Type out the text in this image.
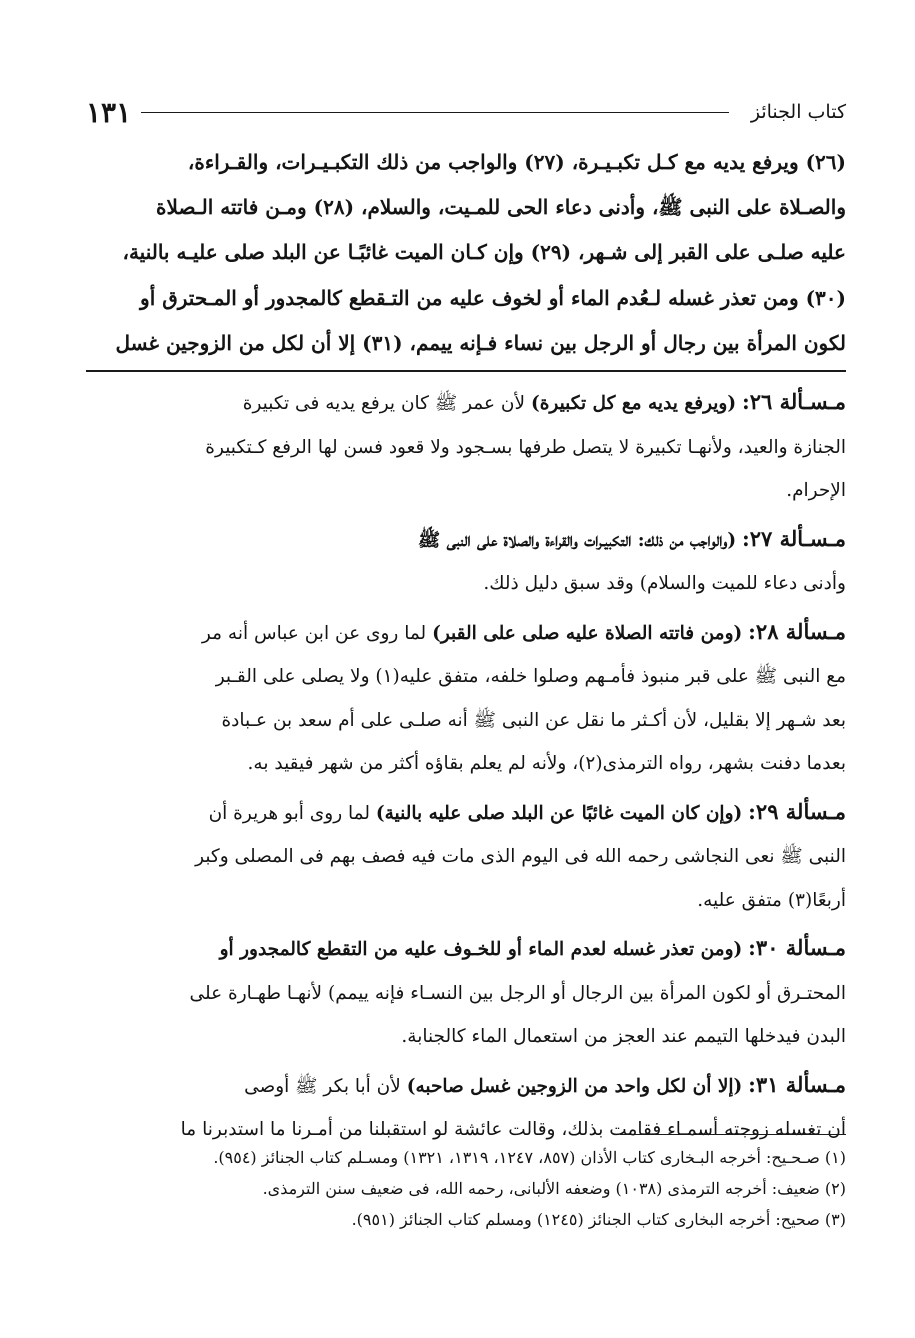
كتاب الجنائز
١٣١
(٢٦) ويرفع يديه مع كـل تكبـيـرة، (٢٧) والواجب من ذلك التكبـيـرات، والقـراءة،
والصـلاة على النبى ﷺ، وأدنى دعاء الحى للمـيت، والسلام، (٢٨) ومـن فاتته الـصلاة
عليه صلـى على القبر إلى شـهر، (٢٩) وإن كـان الميت غائبًـا عن البلد صلى عليـه بالنية،
(٣٠) ومن تعذر غسله لـعُدم الماء أو لخوف عليه من التـقطع كالمجدور أو المـحترق أو
لكون المرأة بين رجال أو الرجل بين نساء فـإنه ييمم، (٣١) إلا أن لكل من الزوجين غسل
مـسـألة ٢٦: (ويرفع يديه مع كل تكبيرة) لأن عمر ﷺ كان يرفع يديه فى تكبيرة
الجنازة والعيد، ولأنهـا تكبيرة لا يتصل طرفها بسـجود ولا قعود فسن لها الرفع كـتكبيرة
الإحرام.
مـسـألة ٢٧: (والواجب من ذلك: التكبيـرات والقراءة والصلاة على النبى ﷺ
وأدنى دعاء للميت والسلام) وقد سبق دليل ذلك.
مـسألة ٢٨: (ومن فاتته الصلاة عليه صلى على القبر) لما روى عن ابن عباس أنه مر
مع النبى ﷺ على قبر منبوذ فأمـهم وصلوا خلفه، متفق عليه(١) ولا يصلى على القـبر
بعد شـهر إلا بقليل، لأن أكـثر ما نقل عن النبى ﷺ أنه صلـى على أم سعد بن عـبادة
بعدما دفنت بشهر، رواه الترمذى(٢)، ولأنه لم يعلم بقاؤه أكثر من شهر فيقيد به.
مـسألة ٢٩: (وإن كان الميت غائبًا عن البلد صلى عليه بالنية) لما روى أبو هريرة أن
النبى ﷺ نعى النجاشى رحمه الله فى اليوم الذى مات فيه فصف بهم فى المصلى وكبر
أربعًا(٣) متفق عليه.
مـسألة ٣٠: (ومن تعذر غسله لعدم الماء أو للخـوف عليه من التقطع كالمجدور أو
المحتـرق أو لكون المرأة بين الرجال أو الرجل بين النسـاء فإنه ييمم) لأنهـا طهـارة على
البدن فيدخلها التيمم عند العجز من استعمال الماء كالجنابة.
مـسألة ٣١: (إلا أن لكل واحد من الزوجين غسل صاحبه) لأن أبا بكر ﷺ أوصى
أن تغسله زوجته أسمـاء فقامت بذلك، وقالت عائشة لو استقبلنا من أمـرنا ما استدبرنا ما
(١) صـحـيح: أخرجه البـخارى كتاب الأذان (٨٥٧، ١٢٤٧، ١٣١٩، ١٣٢١) ومسـلم كتاب الجنائز (٩٥٤).
(٢) ضعيف: أخرجه الترمذى (١٠٣٨) وضعفه الألبانى، رحمه الله، فى ضعيف سنن الترمذى.
(٣) صحيح: أخرجه البخارى كتاب الجنائز (١٢٤٥) ومسلم كتاب الجنائز (٩٥١).
